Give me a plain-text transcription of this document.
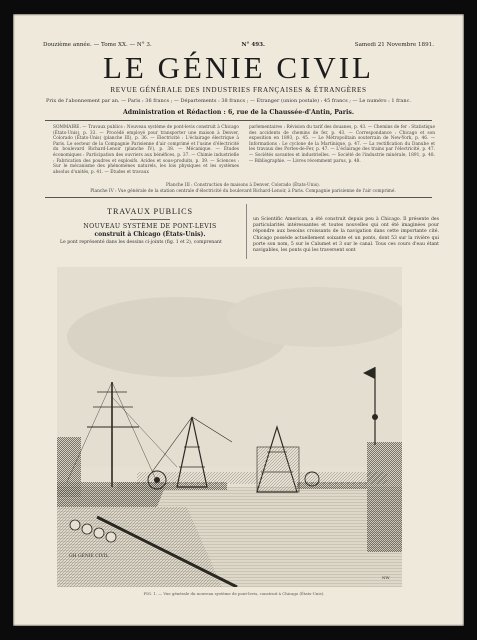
Douzième année. — Tome XX. — N° 3.	N° 493.	Samedi 21 Novembre 1891.
LE GÉNIE CIVIL
REVUE GÉNÉRALE DES INDUSTRIES FRANÇAISES & ÉTRANGÈRES
Prix de l'abonnement par an. — Paris : 36 francs ; — Départements : 38 francs ; — Étranger (union postale) : 45 francs ; — Le numéro : 1 franc.
Administration et Rédaction : 6, rue de la Chaussée-d'Antin, Paris.
SOMMAIRE. — Travaux publics : Nouveau système de pont-levis construit à Chicago (États-Unis), p. 33. — Procédé employé pour transporter une maison à Denver, Colorado (États-Unis) (planche III), p. 36. — Électricité : L'éclairage électrique à Paris. Le secteur de la Compagnie Parisienne d'air comprimé et l'usine d'électricité du boulevard Richard-Lenoir (planche IV), p. 38. — Mécanique. — Études économiques : Participation des ouvriers aux bénéfices, p. 37. — Chimie industrielle : Fabrication des poudres et explosifs. Acides et sous-produits, p. 39. — Sciences : Sur le mécanisme des phénomènes naturels, les lois physiques et les systèmes absolus d'unités, p. 41. — Études et travaux
parlementaires : Révision du tarif des douanes, p. 43. — Chemins de fer : Statistique des accidents de chemins de fer, p. 43. — Correspondance : Chicago et son exposition en 1893, p. 45. — Le Métropolitain souterrain de New-York, p. 46. — Informations : Le cyclone de la Martinique, p. 47. — La rectification du Danube et les travaux des Portes-de-Fer, p. 47. — L'éclairage des trains par l'électricité, p. 47. — Sociétés savantes et industrielles. — Société de l'industrie minérale, 1891, p. 48. — Bibliographie. — Livres récemment parus, p. 48.
Planche III : Construction de maisons à Denver, Colorado (États-Unis).
Planche IV : Vue générale de la station centrale d'électricité du boulevard Richard-Lenoir, à Paris. Compagnie parisienne de l'air comprimé.
TRAVAUX PUBLICS
NOUVEAU SYSTÈME DE PONT-LEVIS
construit à Chicago (États-Unis).
Le pont représenté dans les dessins ci-joints (fig. 1 et 2), comprenant
un Scientific American, a été construit depuis peu à Chicago. Il présente des particularités intéressantes et toutes nouvelles qui ont été imaginées pour répondre aux besoins croissants de la navigation dans cette importante cité. Chicago possède actuellement soixante et un ponts, dont 53 sur la rivière qui porte son nom, 5 sur le Calumet et 3 sur le canal. Tous ces cours d'eau étant navigables, les ponts qui les traversent sont
GH GÉNIE CIVIL
NW
FIG. 1. — Vue générale du nouveau système de pont-levis, construit à Chicago (États-Unis).
